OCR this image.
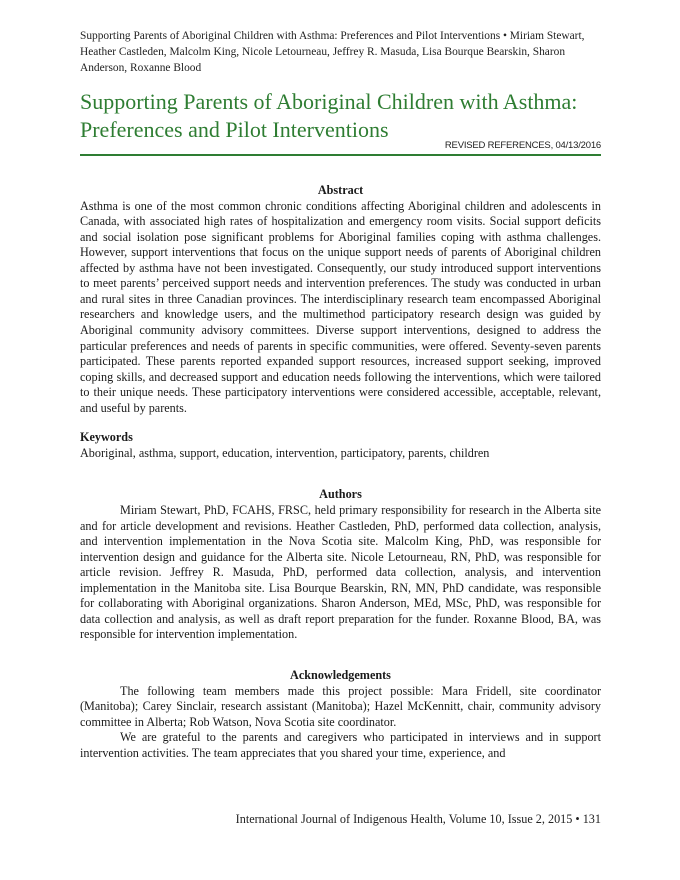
Supporting Parents of Aboriginal Children with Asthma: Preferences and Pilot Interventions • Miriam Stewart, Heather Castleden, Malcolm King, Nicole Letourneau, Jeffrey R. Masuda, Lisa Bourque Bearskin, Sharon Anderson, Roxanne Blood

Supporting Parents of Aboriginal Children with Asthma: Preferences and Pilot Interventions
REVISED REFERENCES, 04/13/2016
Abstract

Asthma is one of the most common chronic conditions affecting Aboriginal children and adolescents in Canada, with associated high rates of hospitalization and emergency room visits. Social support deficits and social isolation pose significant problems for Aboriginal families coping with asthma challenges. However, support interventions that focus on the unique support needs of parents of Aboriginal children affected by asthma have not been investigated. Consequently, our study introduced support interventions to meet parents’ perceived support needs and intervention preferences. The study was conducted in urban and rural sites in three Canadian provinces. The interdisciplinary research team encompassed Aboriginal researchers and knowledge users, and the multimethod participatory research design was guided by Aboriginal community advisory committees. Diverse support interventions, designed to address the particular preferences and needs of parents in specific communities, were offered. Seventy-seven parents participated. These parents reported expanded support resources, increased support seeking, improved coping skills, and decreased support and education needs following the interventions, which were tailored to their unique needs. These participatory interventions were considered accessible, acceptable, relevant, and useful by parents.

Keywords

Aboriginal, asthma, support, education, intervention, participatory, parents, children

Authors

Miriam Stewart, PhD, FCAHS, FRSC, held primary responsibility for research in the Alberta site and for article development and revisions. Heather Castleden, PhD, performed data collection, analysis, and intervention implementation in the Nova Scotia site. Malcolm King, PhD, was responsible for intervention design and guidance for the Alberta site. Nicole Letourneau, RN, PhD, was responsible for article revision. Jeffrey R. Masuda, PhD, performed data collection, analysis, and intervention implementation in the Manitoba site. Lisa Bourque Bearskin, RN, MN, PhD candidate, was responsible for collaborating with Aboriginal organizations. Sharon Anderson, MEd, MSc, PhD, was responsible for data collection and analysis, as well as draft report preparation for the funder. Roxanne Blood, BA, was responsible for intervention implementation.

Acknowledgements

The following team members made this project possible: Mara Fridell, site coordinator (Manitoba); Carey Sinclair, research assistant (Manitoba); Hazel McKennitt, chair, community advisory committee in Alberta; Rob Watson, Nova Scotia site coordinator.

We are grateful to the parents and caregivers who participated in interviews and in support intervention activities. The team appreciates that you shared your time, experience, and

International Journal of Indigenous Health, Volume 10, Issue 2, 2015 • 131
